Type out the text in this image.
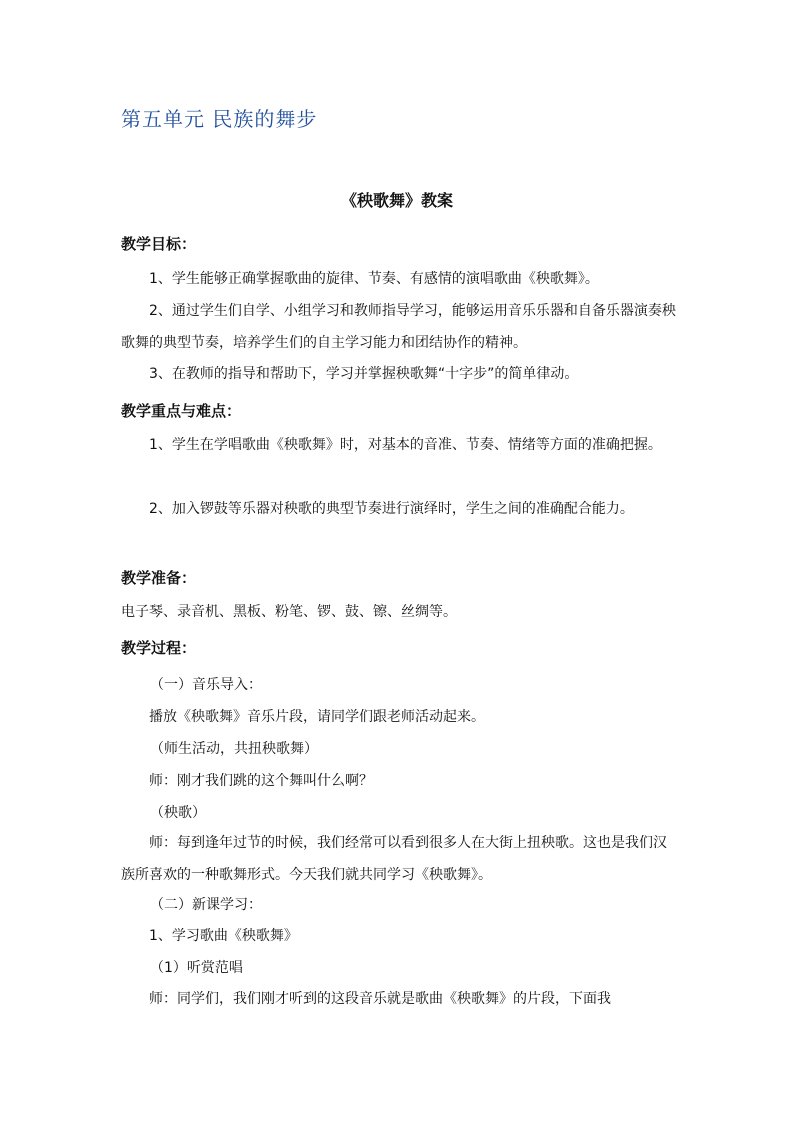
第五单元 民族的舞步
《秧歌舞》教案
教学目标：

1、学生能够正确掌握歌曲的旋律、节奏、有感情的演唱歌曲《秧歌舞》。

2、通过学生们自学、小组学习和教师指导学习，能够运用音乐乐器和自备乐器演奏秧歌舞的典型节奏，培养学生们的自主学习能力和团结协作的精神。

3、在教师的指导和帮助下，学习并掌握秧歌舞“十字步”的简单律动。

教学重点与难点：

1、学生在学唱歌曲《秧歌舞》时，对基本的音准、节奏、情绪等方面的准确把握。

2、加入锣鼓等乐器对秧歌的典型节奏进行演绎时，学生之间的准确配合能力。

教学准备：

电子琴、录音机、黑板、粉笔、锣、鼓、镲、丝绸等。

教学过程：

（一）音乐导入：

播放《秧歌舞》音乐片段，请同学们跟老师活动起来。

（师生活动，共扭秧歌舞）

师：刚才我们跳的这个舞叫什么啊？

（秧歌）

师：每到逢年过节的时候，我们经常可以看到很多人在大街上扭秧歌。这也是我们汉族所喜欢的一种歌舞形式。今天我们就共同学习《秧歌舞》。

（二）新课学习：

1、学习歌曲《秧歌舞》

（1）听赏范唱

师：同学们，我们刚才听到的这段音乐就是歌曲《秧歌舞》的片段，下面我
